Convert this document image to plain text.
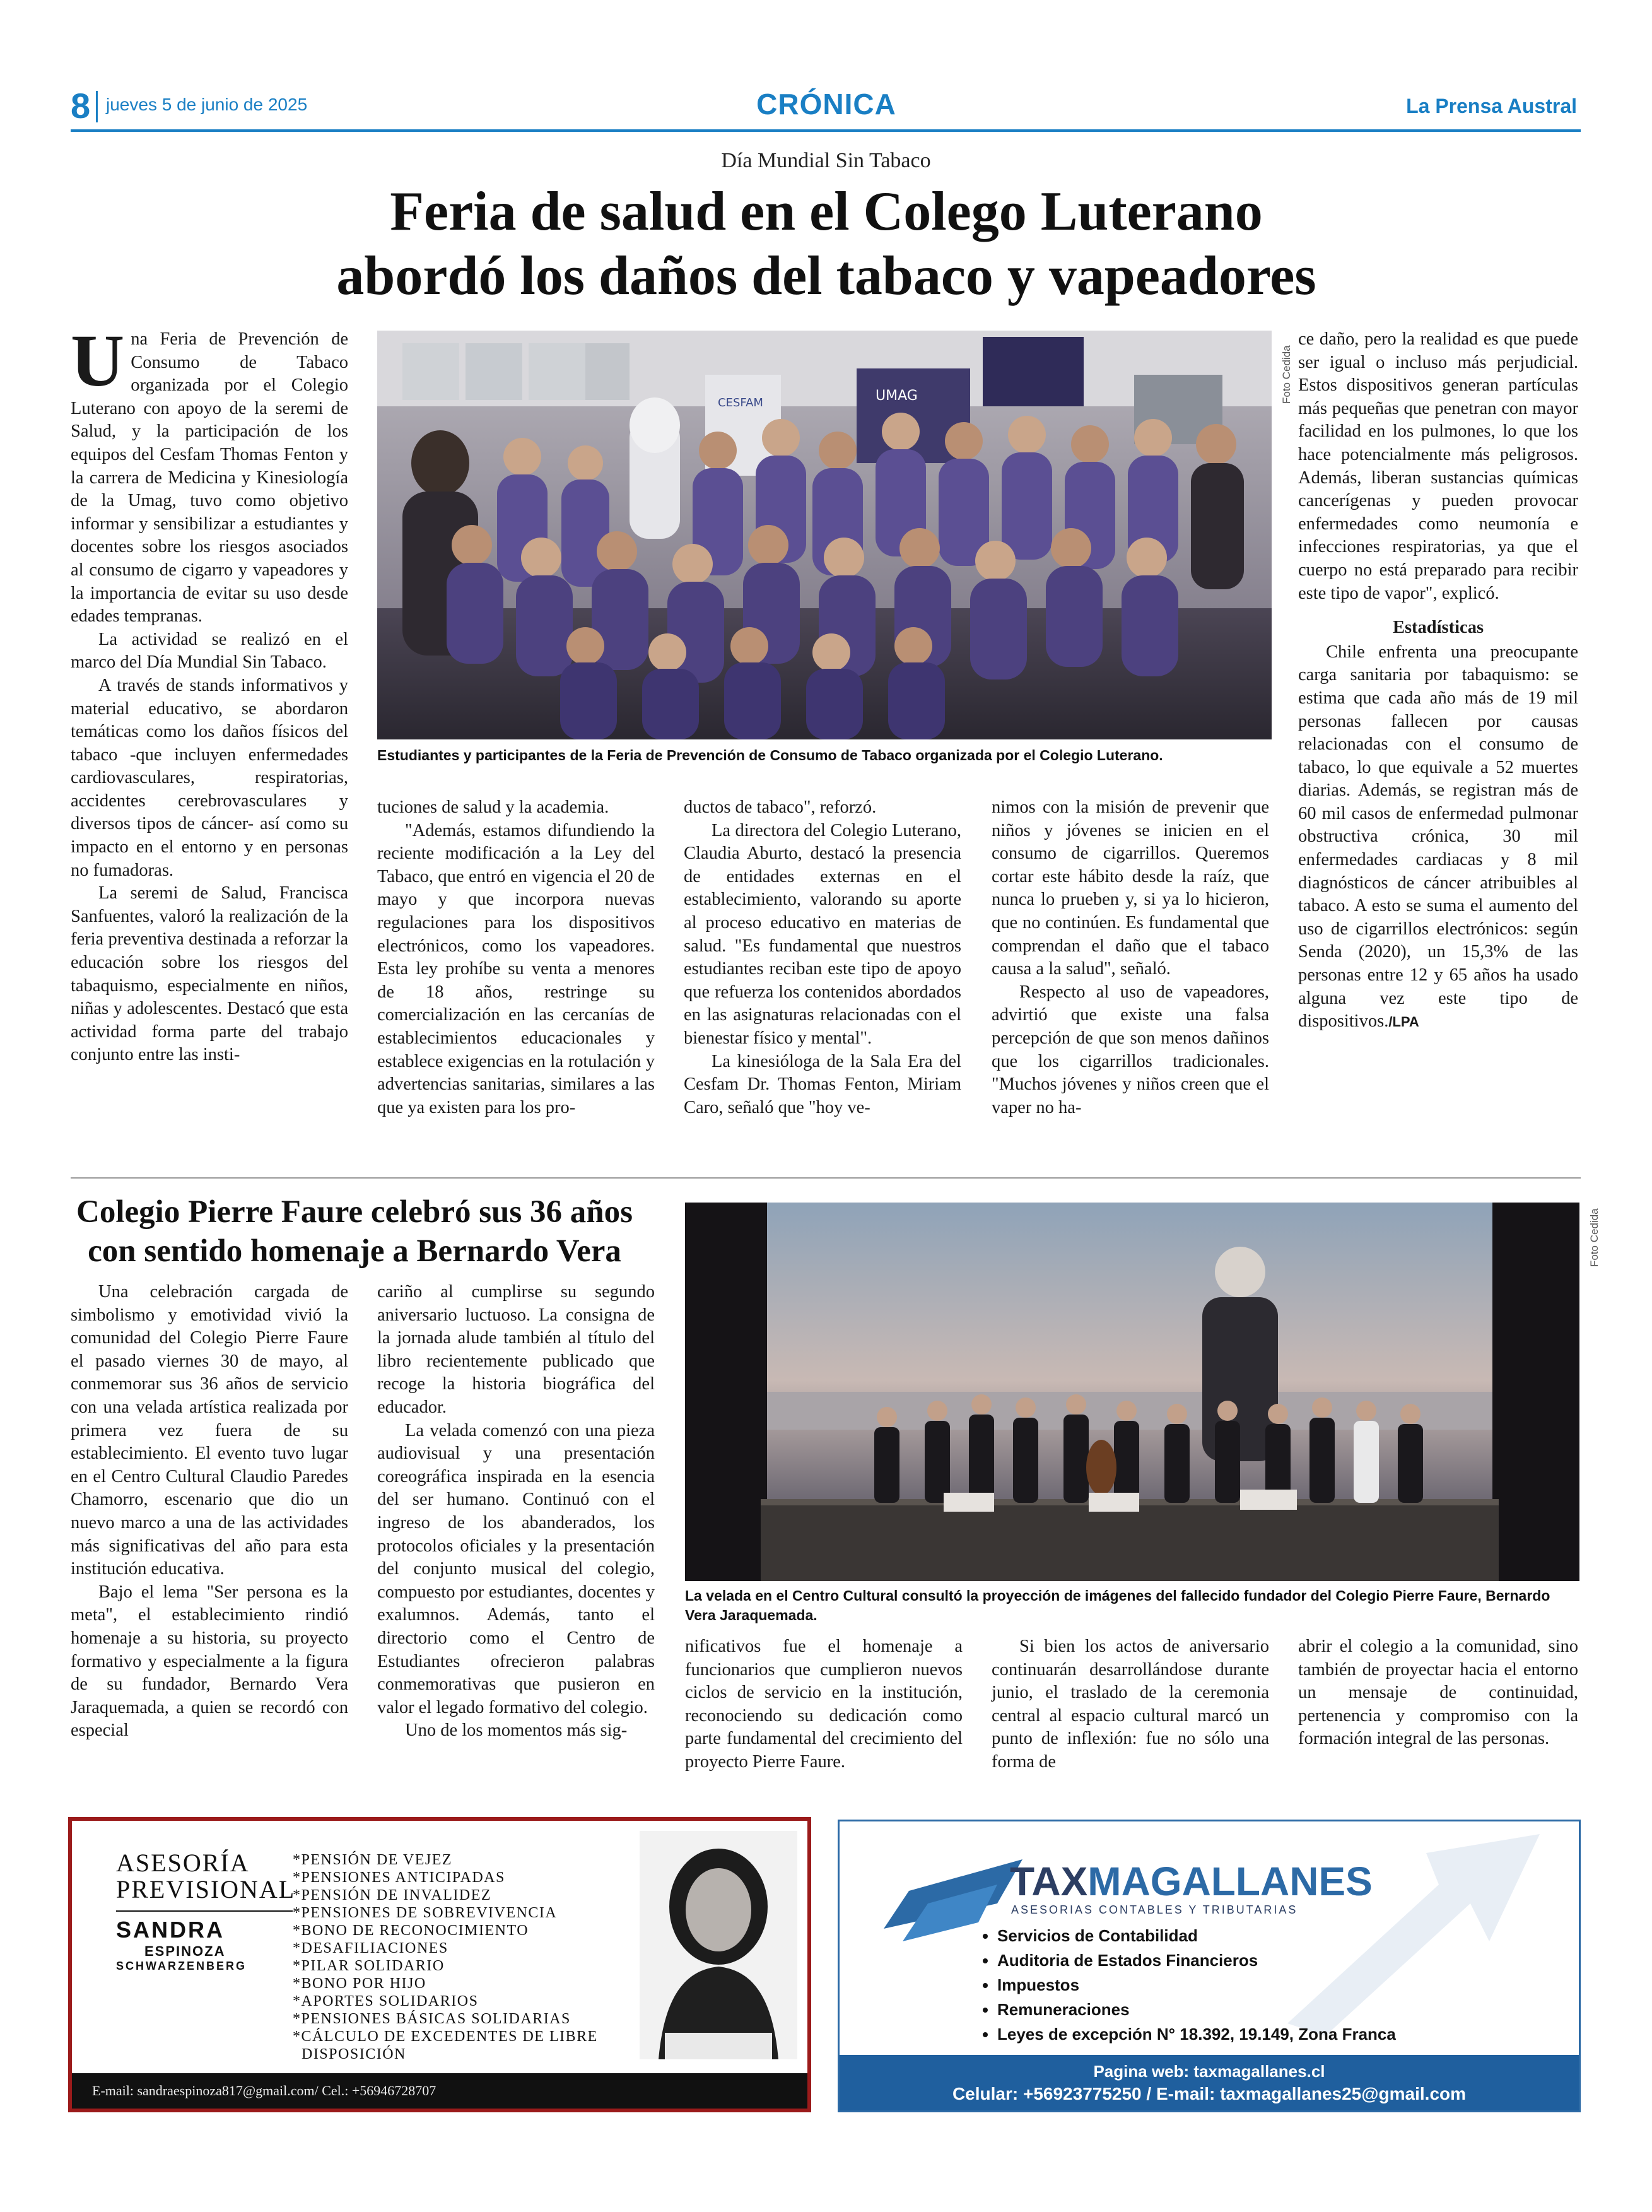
8 jueves 5 de junio de 2025	CRÓNICA	La Prensa Austral
Día Mundial Sin Tabaco
Feria de salud en el Colego Luterano
abordó los daños del tabaco y vapeadores

Una Feria de Prevención de Consumo de Tabaco organizada por el Colegio Luterano con apoyo de la seremi de Salud, y la participación de los equipos del Cesfam Thomas Fenton y la carrera de Medicina y Kinesiología de la Umag, tuvo como objetivo informar y sensibilizar a estudiantes y docentes sobre los riesgos asociados al consumo de cigarro y vapeadores y la importancia de evitar su uso desde edades tempranas.

La actividad se realizó en el marco del Día Mundial Sin Tabaco.

A través de stands informativos y material educativo, se abordaron temáticas como los daños físicos del tabaco -que incluyen enfermedades cardiovasculares, respiratorias, accidentes cerebrovasculares y diversos tipos de cáncer- así como su impacto en el entorno y en personas no fumadoras.

La seremi de Salud, Francisca Sanfuentes, valoró la realización de la feria preventiva destinada a reforzar la educación sobre los riesgos del tabaquismo, especialmente en niños, niñas y adolescentes. Destacó que esta actividad forma parte del trabajo conjunto entre las insti-

UMAG
CESFAM	Foto Cedida
Estudiantes y participantes de la Feria de Prevención de Consumo de Tabaco organizada por el Colegio Luterano.

tuciones de salud y la academia.

"Además, estamos difundiendo la reciente modificación a la Ley del Tabaco, que entró en vigencia el 20 de mayo y que incorpora nuevas regulaciones para los dispositivos electrónicos, como los vapeadores. Esta ley prohíbe su venta a menores de 18 años, restringe su comercialización en las cercanías de establecimientos educacionales y establece exigencias en la rotulación y advertencias sanitarias, similares a las que ya existen para los pro-

ductos de tabaco", reforzó.

La directora del Colegio Luterano, Claudia Aburto, destacó la presencia de entidades externas en el establecimiento, valorando su aporte al proceso educativo en materias de salud. "Es fundamental que nuestros estudiantes reciban este tipo de apoyo que refuerza los contenidos abordados en las asignaturas relacionadas con el bienestar físico y mental".

La kinesióloga de la Sala Era del Cesfam Dr. Thomas Fenton, Miriam Caro, señaló que "hoy ve-

nimos con la misión de prevenir que niños y jóvenes se inicien en el consumo de cigarrillos. Queremos cortar este hábito desde la raíz, que nunca lo prueben y, si ya lo hicieron, que no continúen. Es fundamental que comprendan el daño que el tabaco causa a la salud", señaló.

Respecto al uso de vapeadores, advirtió que existe una falsa percepción de que son menos dañinos que los cigarrillos tradicionales. "Muchos jóvenes y niños creen que el vaper no ha-

ce daño, pero la realidad es que puede ser igual o incluso más perjudicial. Estos dispositivos generan partículas más pequeñas que penetran con mayor facilidad en los pulmones, lo que los hace potencialmente más peligrosos. Además, liberan sustancias químicas cancerígenas y pueden provocar enfermedades como neumonía e infecciones respiratorias, ya que el cuerpo no está preparado para recibir este tipo de vapor", explicó.

Estadísticas

Chile enfrenta una preocupante carga sanitaria por tabaquismo: se estima que cada año más de 19 mil personas fallecen por causas relacionadas con el consumo de tabaco, lo que equivale a 52 muertes diarias. Además, se registran más de 60 mil casos de enfermedad pulmonar obstructiva crónica, 30 mil enfermedades cardiacas y 8 mil diagnósticos de cáncer atribuibles al tabaco. A esto se suma el aumento del uso de cigarrillos electrónicos: según Senda (2020), un 15,3% de las personas entre 12 y 65 años ha usado alguna vez este tipo de dispositivos./LPA

Colegio Pierre Faure celebró sus 36 años
con sentido homenaje a Bernardo Vera

Una celebración cargada de simbolismo y emotividad vivió la comunidad del Colegio Pierre Faure el pasado viernes 30 de mayo, al conmemorar sus 36 años de servicio con una velada artística realizada por primera vez fuera de su establecimiento. El evento tuvo lugar en el Centro Cultural Claudio Paredes Chamorro, escenario que dio un nuevo marco a una de las actividades más significativas del año para esta institución educativa.

Bajo el lema "Ser persona es la meta", el establecimiento rindió homenaje a su historia, su proyecto formativo y especialmente a la figura de su fundador, Bernardo Vera Jaraquemada, a quien se recordó con especial

cariño al cumplirse su segundo aniversario luctuoso. La consigna de la jornada alude también al título del libro recientemente publicado que recoge la historia biográfica del educador.

La velada comenzó con una pieza audiovisual y una presentación coreográfica inspirada en la esencia del ser humano. Continuó con el ingreso de los abanderados, los protocolos oficiales y la presentación del conjunto musical del colegio, compuesto por estudiantes, docentes y exalumnos. Además, tanto el directorio como el Centro de Estudiantes ofrecieron palabras conmemorativas que pusieron en valor el legado formativo del colegio.

Uno de los momentos más sig-

Foto Cedida
La velada en el Centro Cultural consultó la proyección de imágenes del fallecido fundador del Colegio Pierre Faure, Bernardo Vera Jaraquemada.

nificativos fue el homenaje a funcionarios que cumplieron nuevos ciclos de servicio en la institución, reconociendo su dedicación como parte fundamental del crecimiento del proyecto Pierre Faure.

Si bien los actos de aniversario continuarán desarrollándose durante junio, el traslado de la ceremonia central al espacio cultural marcó un punto de inflexión: fue no sólo una forma de

abrir el colegio a la comunidad, sino también de proyectar hacia el entorno un mensaje de continuidad, pertenencia y compromiso con la formación integral de las personas.

ASESORÍA
PREVISIONAL
SANDRA
ESPINOZA
SCHWARZENBERG
*PENSIÓN DE VEJEZ
*PENSIONES ANTICIPADAS
*PENSIÓN DE INVALIDEZ
*PENSIONES DE SOBREVIVENCIA
*BONO DE RECONOCIMIENTO
*DESAFILIACIONES
*PILAR SOLIDARIO
*BONO POR HIJO
*APORTES SOLIDARIOS
*PENSIONES BÁSICAS SOLIDARIAS
*CÁLCULO DE EXCEDENTES DE LIBRE
DISPOSICIÓN
E-mail: sandraespinoza817@gmail.com/ Cel.: +56946728707
TAXMAGALLANES
ASESORIAS CONTABLES Y TRIBUTARIAS
• Servicios de Contabilidad
• Auditoria de Estados Financieros
• Impuestos
• Remuneraciones
• Leyes de excepción N° 18.392, 19.149, Zona Franca
Pagina web: taxmagallanes.cl
Celular: +56923775250 / E-mail: taxmagallanes25@gmail.com
